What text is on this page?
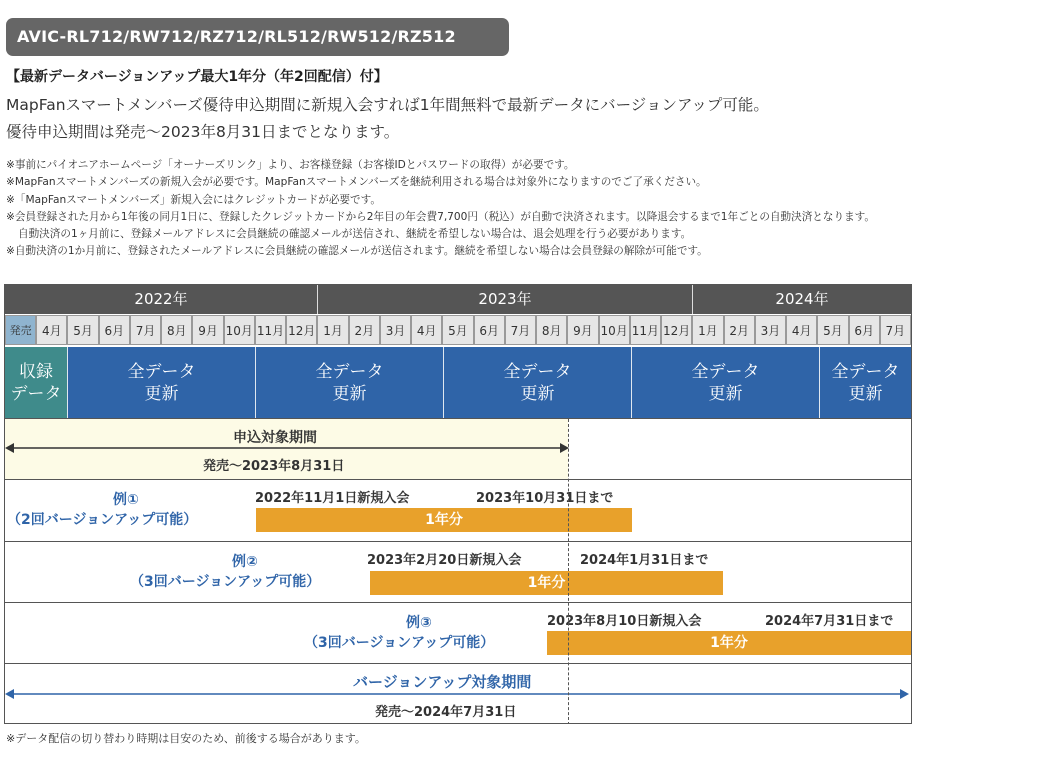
AVIC-RL712/RW712/RZ712/RL512/RW512/RZ512
【最新データバージョンアップ最大1年分（年2回配信）付】
MapFanスマートメンバーズ優待申込期間に新規入会すれば1年間無料で最新データにバージョンアップ可能。
優待申込期間は発売～2023年8月31日までとなります。
※事前にパイオニアホームページ「オーナーズリンク」より、お客様登録（お客様IDとパスワードの取得）が必要です。
※MapFanスマートメンバーズの新規入会が必要です。MapFanスマートメンバーズを継続利用される場合は対象外になりますのでご了承ください。
※「MapFanスマートメンバーズ」新規入会にはクレジットカードが必要です。
※会員登録された月から1年後の同月1日に、登録したクレジットカードから2年目の年会費7,700円（税込）が自動で決済されます。以降退会するまで1年ごとの自動決済となります。
自動決済の1ヶ月前に、登録メールアドレスに会員継続の確認メールが送信され、継続を希望しない場合は、退会処理を行う必要があります。
※自動決済の1か月前に、登録されたメールアドレスに会員継続の確認メールが送信されます。継続を希望しない場合は会員登録の解除が可能です。
2022年	2023年	2024年
発売 4月 5月 6月 7月 8月 9月 10月 11月 12月 1月 2月 3月 4月 5月 6月 7月 8月 9月 10月 11月 12月 1月 2月 3月 4月 5月 6月 7月
収録
データ
全データ
更新
全データ
更新
全データ
更新
全データ
更新
全データ
更新
申込対象期間
発売～2023年8月31日
例①
（2回バージョンアップ可能）
2022年11月1日新規入会	2023年10月31日まで
1年分
例②
（3回バージョンアップ可能）
2023年2月20日新規入会	2024年1月31日まで
1年分
例③
（3回バージョンアップ可能）
2023年8月10日新規入会	2024年7月31日まで
1年分
バージョンアップ対象期間
発売～2024年7月31日
※データ配信の切り替わり時期は目安のため、前後する場合があります。
